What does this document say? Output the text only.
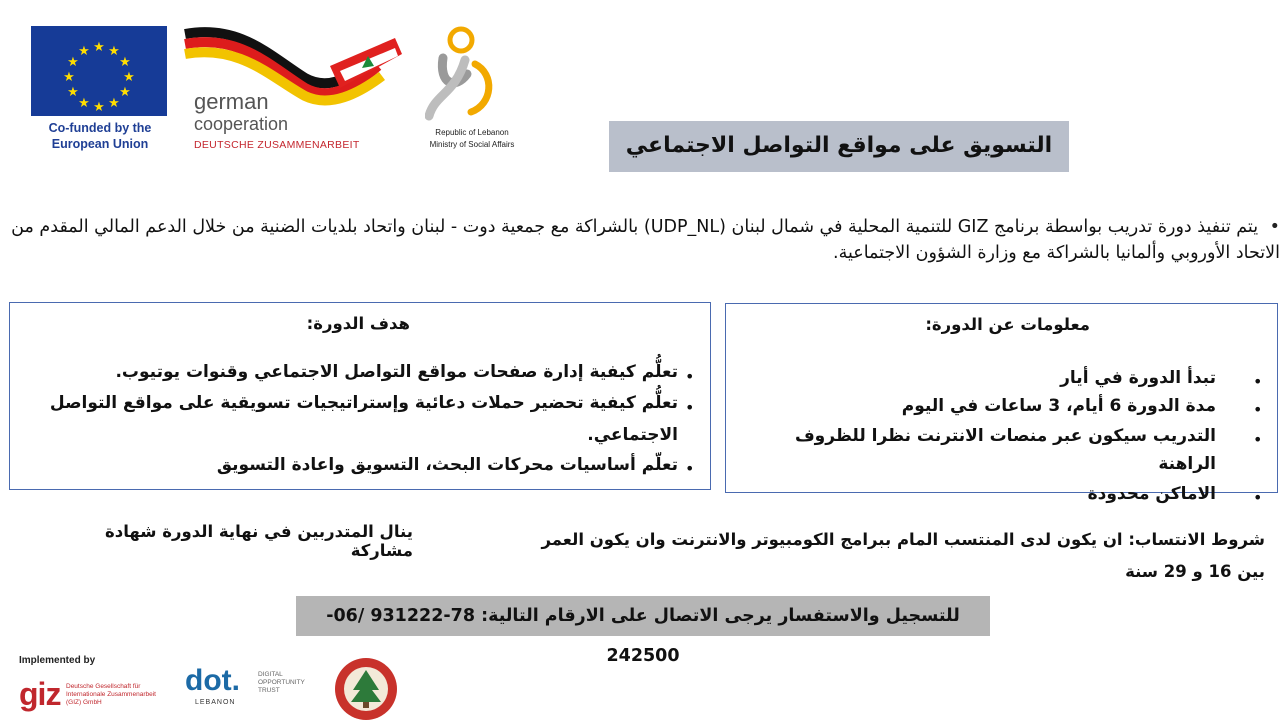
★ ★
★
★
★
★
★
★
★
★
★
★
Co-funded by the
European Union
german
cooperation
DEUTSCHE ZUSAMMENARBEIT
Republic of Lebanon
Ministry of Social Affairs	التسويق على مواقع التواصل الاجتماعي
• يتم تنفيذ دورة تدريب بواسطة برنامج GIZ للتنمية المحلية في شمال لبنان (UDP_NL) بالشراكة مع جمعية دوت - لبنان واتحاد بلديات الضنية من خلال الدعم المالي المقدم من الاتحاد الأوروبي وألمانيا بالشراكة مع وزارة الشؤون الاجتماعية.
هدف الدورة:
تعلُّم كيفية إدارة صفحات مواقع التواصل الاجتماعي وقنوات يوتيوب.
تعلُّم كيفية تحضير حملات دعائية وإستراتيجيات تسويقية على مواقع التواصل
الاجتماعي.
تعلّم أساسيات محركات البحث، التسويق واعادة التسويق
•
•
•
معلومات عن الدورة:
تبدأ الدورة في أيار
مدة الدورة 6 أيام، 3 ساعات في اليوم
التدريب سيكون عبر منصات الانترنت نظرا للظروف
الراهنة
الاماكن محدودة
•
•
•
•
ينال المتدربين في نهاية الدورة شهادة مشاركة
شروط الانتساب: ان يكون لدى المنتسب المام ببرامج الكومبيوتر والانترنت وان يكون العمر
بين 16 و 29 سنة
للتسجيل والاستفسار يرجى الاتصال على الارقام التالية: 78-931222 /06-242500
Implemented by
giz Deutsche Gesellschaft für Internationale Zusammenarbeit (GIZ) GmbH
dot.	DIGITAL OPPORTUNITY TRUST
LEBANON
